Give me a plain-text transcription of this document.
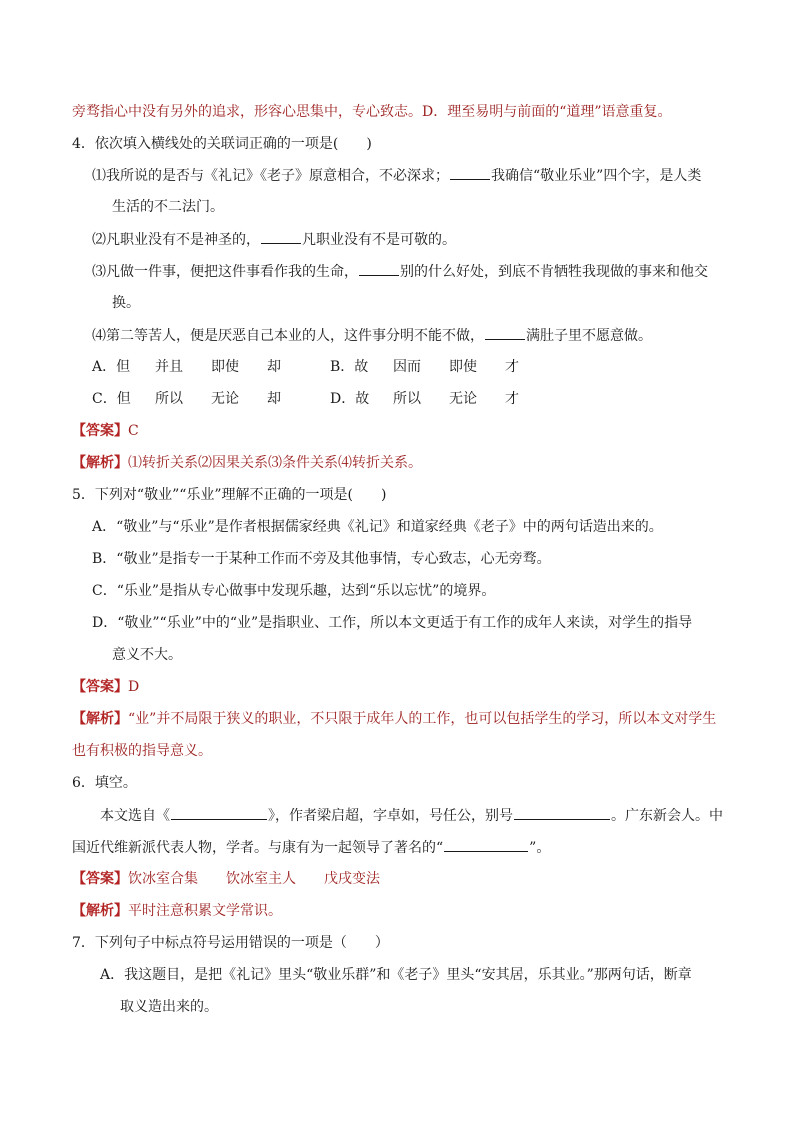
旁骛指心中没有另外的追求，形容心思集中，专心致志。D．理至易明与前面的“道理”语意重复。
4．依次填入横线处的关联词正确的一项是(　　)
⑴我所说的是否与《礼记》《老子》原意相合，不必深求；	我确信“敬业乐业”四个字，是人类
生活的不二法门。
⑵凡职业没有不是神圣的，	凡职业没有不是可敬的。
⑶凡做一件事，便把这件事看作我的生命，	别的什么好处，到底不肯牺牲我现做的事来和他交
换。
⑷第二等苦人，便是厌恶自己本业的人，这件事分明不能不做，	满肚子里不愿意做。
A．但 并且 即使 却	B．故 因而 即使 才
C．但 所以 无论 却	D．故 所以 无论 才
【答案】C
【解析】⑴转折关系⑵因果关系⑶条件关系⑷转折关系。
5．下列对“敬业”“乐业”理解不正确的一项是(　　)
A．“敬业”与“乐业”是作者根据儒家经典《礼记》和道家经典《老子》中的两句话造出来的。
B．“敬业”是指专一于某种工作而不旁及其他事情，专心致志，心无旁骛。
C．“乐业”是指从专心做事中发现乐趣，达到“乐以忘忧”的境界。
D．“敬业”“乐业”中的“业”是指职业、工作，所以本文更适于有工作的成年人来读，对学生的指导
意义不大。
【答案】D
【解析】“业”并不局限于狭义的职业，不只限于成年人的工作，也可以包括学生的学习，所以本文对学生
也有积极的指导意义。
6．填空。
本文选自《	》，作者梁启超，字卓如，号任公，别号	。广东新会人。中
国近代维新派代表人物，学者。与康有为一起领导了著名的“	”。
【答案】饮冰室合集 饮冰室主人 戊戌变法
【解析】平时注意积累文学常识。
7．下列句子中标点符号运用错误的一项是（　　）
A．我这题目，是把《礼记》里头“敬业乐群”和《老子》里头“安其居，乐其业。”那两句话，断章
取义造出来的。
